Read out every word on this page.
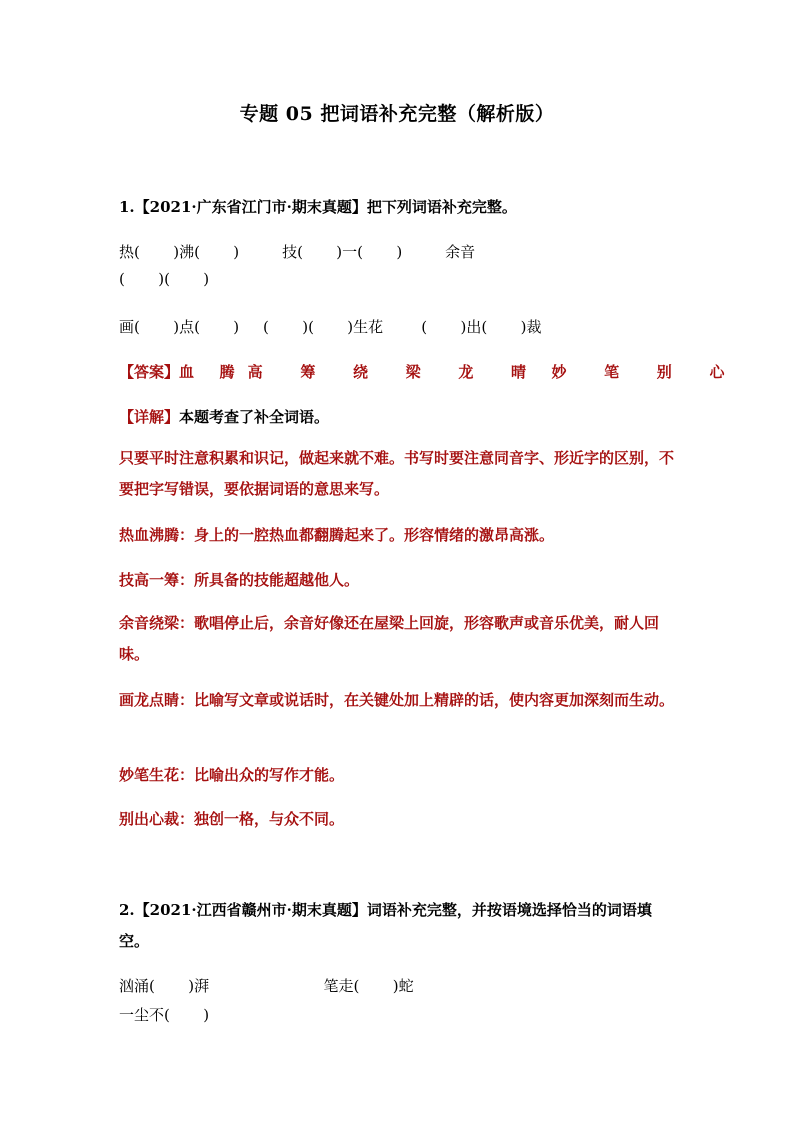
专题 05 把词语补充完整（解析版）
1.【2021·广东省江门市·期末真题】把下列词语补充完整。
热(       )沸(       )         技(       )一(       )         余音
(       )(       )
画(       )点(       )     (       )(       )生花        (       )出(       )裁
【答案】血  腾 高   筹   绕   梁   龙   晴  妙   笔   别   心
【详解】本题考查了补全词语。
只要平时注意积累和识记，做起来就不难。书写时要注意同音字、形近字的区别，不要把字写错误，要依据词语的意思来写。
热血沸腾：身上的一腔热血都翻腾起来了。形容情绪的激昂高涨。
技高一筹：所具备的技能超越他人。
余音绕梁：歌唱停止后，余音好像还在屋梁上回旋，形容歌声或音乐优美，耐人回味。
画龙点睛：比喻写文章或说话时，在关键处加上精辟的话，使内容更加深刻而生动。
妙笔生花：比喻出众的写作才能。
别出心裁：独创一格，与众不同。
2.【2021·江西省赣州市·期末真题】词语补充完整，并按语境选择恰当的词语填空。
汹涌(       )湃                        笔走(       )蛇
一尘不(       )
